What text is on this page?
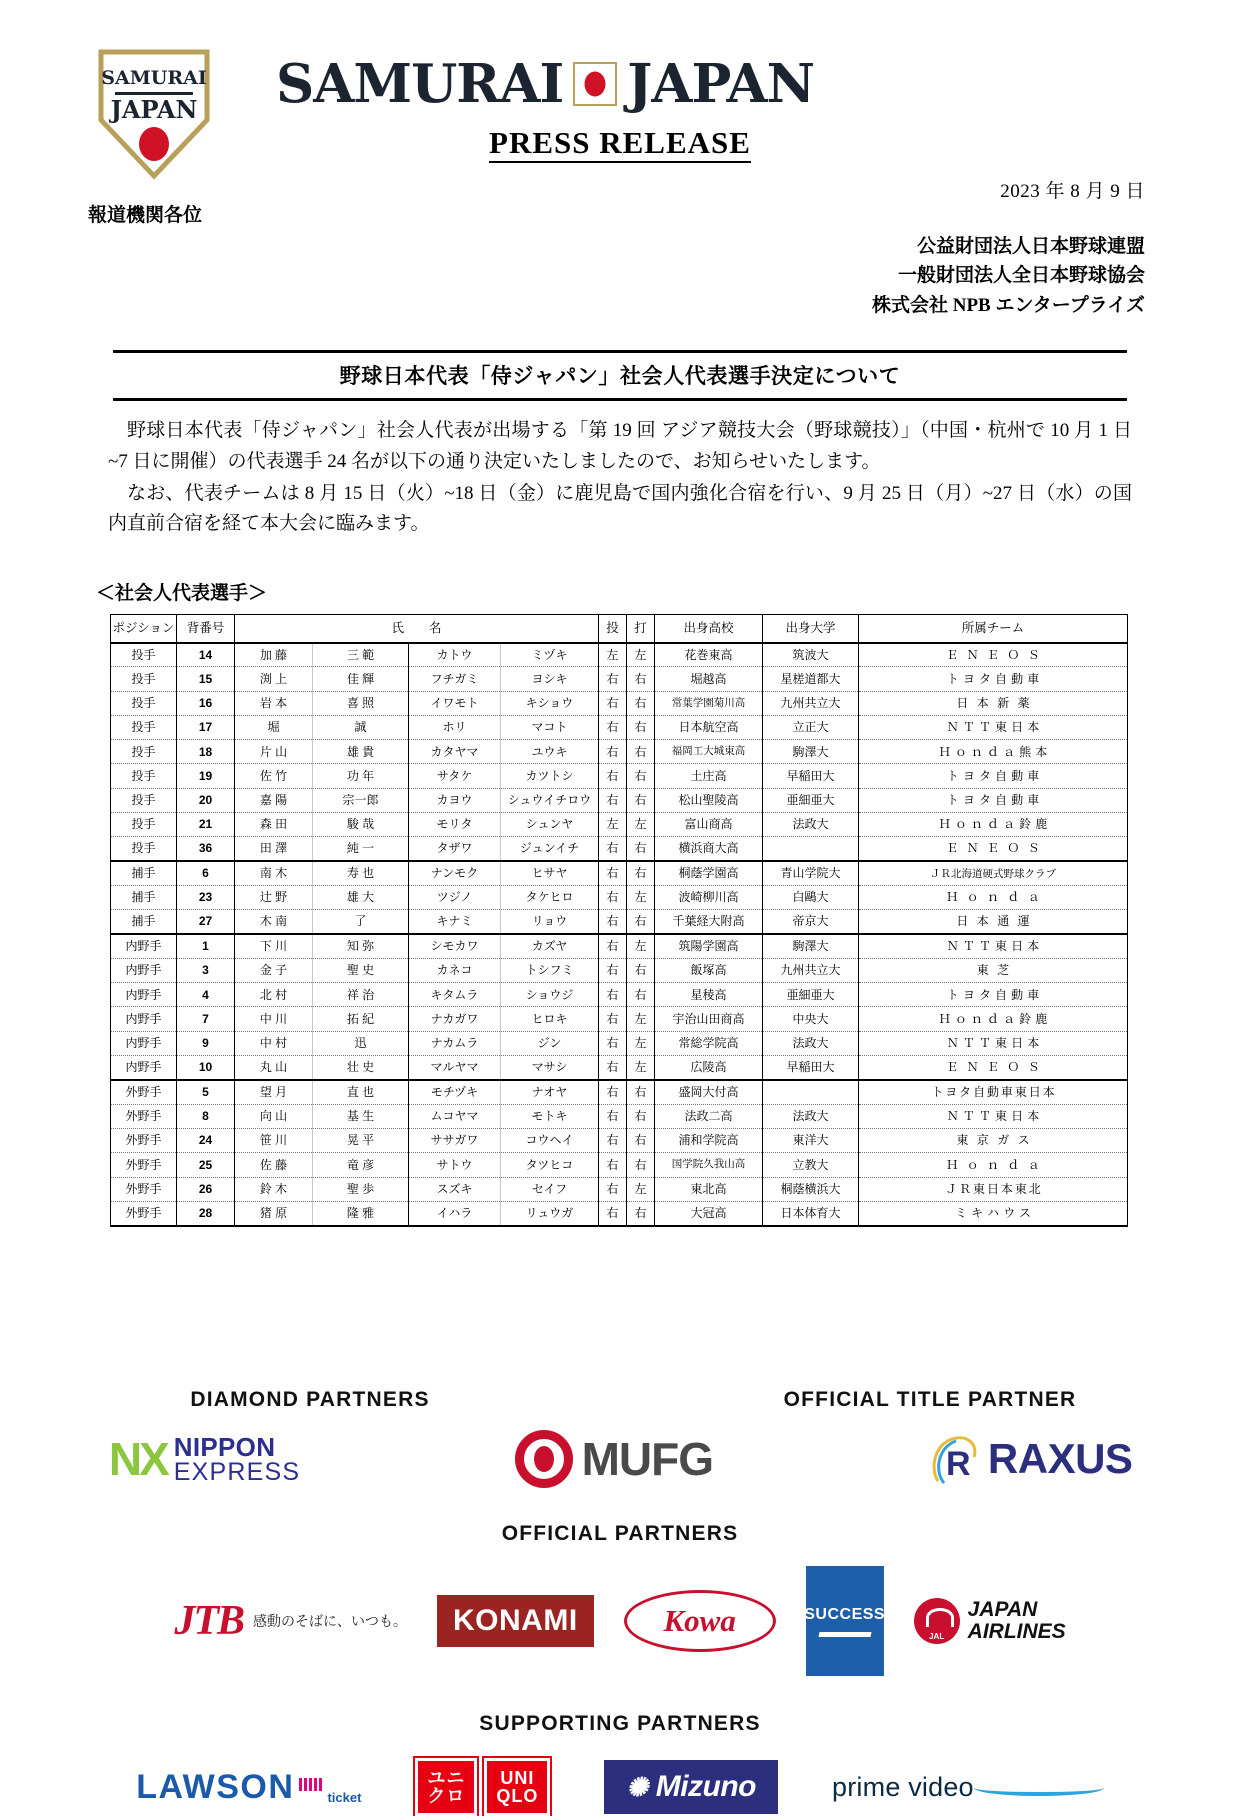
SAMURAI
JAPAN SAMURAI JAPAN
PRESS RELEASE
2023 年 8 月 9 日
報道機関各位
公益財団法人日本野球連盟
一般財団法人全日本野球協会
株式会社 NPB エンタープライズ
野球日本代表「侍ジャパン」社会人代表選手決定について

野球日本代表「侍ジャパン」社会人代表が出場する「第 19 回 アジア競技大会（野球競技）」（中国・杭州で 10 月 1 日~7 日に開催）の代表選手 24 名が以下の通り決定いたしましたので、お知らせいたします。

なお、代表チームは 8 月 15 日（火）~18 日（金）に鹿児島で国内強化合宿を行い、9 月 25 日（月）~27 日（水）の国内直前合宿を経て本大会に臨みます。

＜社会人代表選手＞
ポジション	背番号	氏　　名				投	打	出身高校	出身大学	所属チーム
投手	14	加 藤	三 範	カトウ	ミヅキ	左	左	花巻東高	筑波大	ＥＮＥＯＳ
投手	15	渕 上	佳 輝	フチガミ	ヨシキ	右	右	堀越高	星槎道都大	トヨタ自動車
投手	16	岩 本	喜 照	イワモト	キショウ	右	右	常葉学園菊川高	九州共立大	日本新薬
投手	17	堀	誠	ホリ	マコト	右	右	日本航空高	立正大	ＮＴＴ東日本
投手	18	片 山	雄 貴	カタヤマ	ユウキ	右	右	福岡工大城東高	駒澤大	Ｈｏｎｄａ熊本
投手	19	佐 竹	功 年	サタケ	カツトシ	右	右	土庄高	早稲田大	トヨタ自動車
投手	20	嘉 陽	宗一郎	カヨウ	シュウイチロウ	右	右	松山聖陵高	亜細亜大	トヨタ自動車
投手	21	森 田	駿 哉	モリタ	シュンヤ	左	左	富山商高	法政大	Ｈｏｎｄａ鈴鹿
投手	36	田 澤	純 一	タザワ	ジュンイチ	右	右	横浜商大高		ＥＮＥＯＳ
捕手	6	南 木	寿 也	ナンモク	ヒサヤ	右	右	桐蔭学園高	青山学院大	ＪＲ北海道硬式野球クラブ
捕手	23	辻 野	雄 大	ツジノ	タケヒロ	右	左	波崎柳川高	白鷗大	Ｈｏｎｄａ
捕手	27	木 南	了	キナミ	リョウ	右	右	千葉経大附高	帝京大	日本通運
内野手	1	下 川	知 弥	シモカワ	カズヤ	右	左	筑陽学園高	駒澤大	ＮＴＴ東日本
内野手	3	金 子	聖 史	カネコ	トシフミ	右	右	飯塚高	九州共立大	東芝
内野手	4	北 村	祥 治	キタムラ	ショウジ	右	右	星稜高	亜細亜大	トヨタ自動車
内野手	7	中 川	拓 紀	ナカガワ	ヒロキ	右	左	宇治山田商高	中央大	Ｈｏｎｄａ鈴鹿
内野手	9	中 村	迅	ナカムラ	ジン	右	左	常総学院高	法政大	ＮＴＴ東日本
内野手	10	丸 山	壮 史	マルヤマ	マサシ	右	左	広陵高	早稲田大	ＥＮＥＯＳ
外野手	5	望 月	直 也	モチヅキ	ナオヤ	右	右	盛岡大付高		トヨタ自動車東日本
外野手	8	向 山	基 生	ムコヤマ	モトキ	右	右	法政二高	法政大	ＮＴＴ東日本
外野手	24	笹 川	晃 平	ササガワ	コウヘイ	右	右	浦和学院高	東洋大	東京ガス
外野手	25	佐 藤	竜 彦	サトウ	タツヒコ	右	右	国学院久我山高	立教大	Ｈｏｎｄａ
外野手	26	鈴 木	聖 歩	スズキ	セイフ	右	左	東北高	桐蔭横浜大	ＪＲ東日本東北
外野手	28	猪 原	隆 雅	イハラ	リュウガ	右	右	大冠高	日本体育大	ミキハウス
DIAMOND PARTNERS	OFFICIAL TITLE PARTNER
NX NIPPON
EXPRESS	MUFG	R RAXUS
OFFICIAL PARTNERS
JTB 感動のそばに、いつも。	KONAMI	Kowa	SUCCESS JAL	JAPAN
AIRLINES
SUPPORTING PARTNERS
LAWSON	ticket
ユニ
クロ
UNI
QLO	✺ Mizuno	prime video
